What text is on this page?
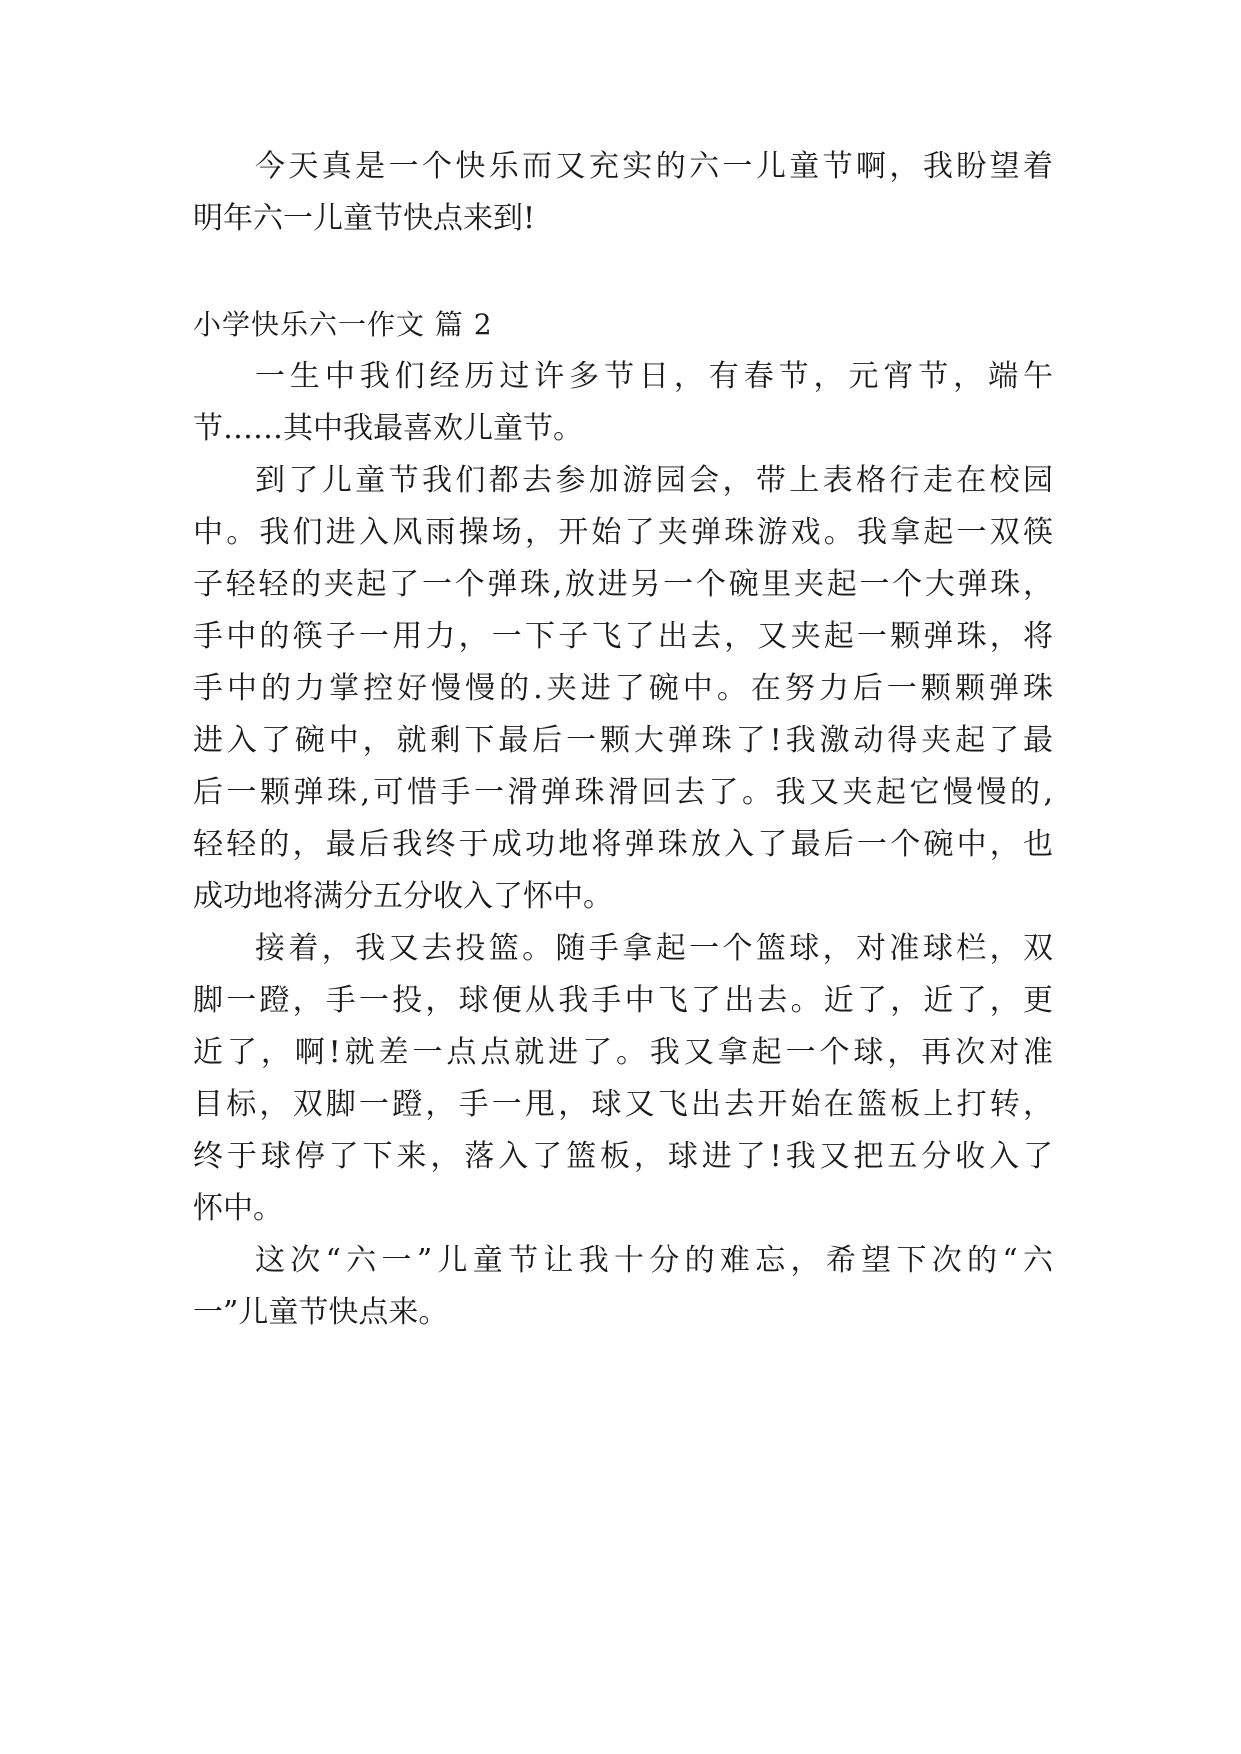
今天真是一个快乐而又充实的六一儿童节啊，我盼望着
明年六一儿童节快点来到!
小学快乐六一作文 篇 2
一生中我们经历过许多节日，有春节，元宵节，端午
节……其中我最喜欢儿童节。
到了儿童节我们都去参加游园会，带上表格行走在校园
中。我们进入风雨操场，开始了夹弹珠游戏。我拿起一双筷
子轻轻的夹起了一个弹珠,放进另一个碗里夹起一个大弹珠，
手中的筷子一用力，一下子飞了出去，又夹起一颗弹珠，将
手中的力掌控好慢慢的.夹进了碗中。在努力后一颗颗弹珠
进入了碗中，就剩下最后一颗大弹珠了!我激动得夹起了最
后一颗弹珠,可惜手一滑弹珠滑回去了。我又夹起它慢慢的,
轻轻的，最后我终于成功地将弹珠放入了最后一个碗中，也
成功地将满分五分收入了怀中。
接着，我又去投篮。随手拿起一个篮球，对准球栏，双
脚一蹬，手一投，球便从我手中飞了出去。近了，近了，更
近了，啊!就差一点点就进了。我又拿起一个球，再次对准
目标，双脚一蹬，手一甩，球又飞出去开始在篮板上打转，
终于球停了下来，落入了篮板，球进了!我又把五分收入了
怀中。
这次“六一”儿童节让我十分的难忘，希望下次的“六
一”儿童节快点来。
